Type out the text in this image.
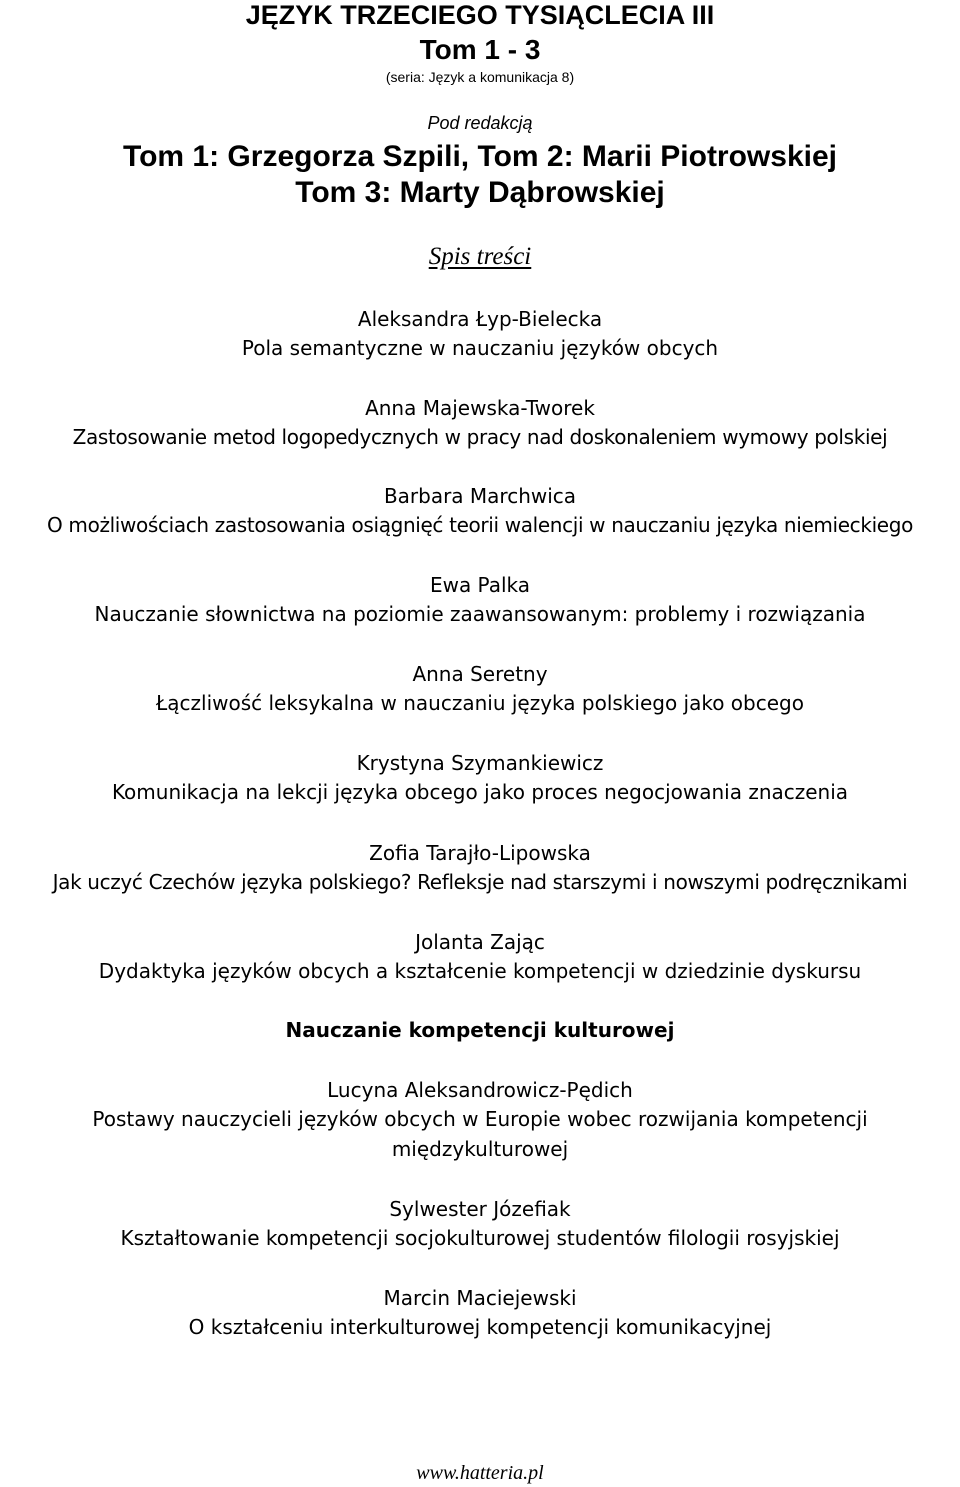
JĘZYK TRZECIEGO TYSIĄCLECIA III
Tom 1 - 3
(seria: Język a komunikacja 8)
Pod redakcją
Tom 1: Grzegorza Szpili, Tom 2: Marii Piotrowskiej
Tom 3: Marty Dąbrowskiej
Spis treści
Aleksandra Łyp-Bielecka
Pola semantyczne w nauczaniu języków obcych
Anna Majewska-Tworek
Zastosowanie metod logopedycznych w pracy nad doskonaleniem wymowy polskiej
Barbara Marchwica
O możliwościach zastosowania osiągnięć teorii walencji w nauczaniu języka niemieckiego
Ewa Palka
Nauczanie słownictwa na poziomie zaawansowanym: problemy i rozwiązania
Anna Seretny
Łączliwość leksykalna w nauczaniu języka polskiego jako obcego
Krystyna Szymankiewicz
Komunikacja na lekcji języka obcego jako proces negocjowania znaczenia
Zofia Tarajło-Lipowska
Jak uczyć Czechów języka polskiego? Refleksje nad starszymi i nowszymi podręcznikami
Jolanta Zając
Dydaktyka języków obcych a kształcenie kompetencji w dziedzinie dyskursu
Nauczanie kompetencji kulturowej
Lucyna Aleksandrowicz-Pędich
Postawy nauczycieli języków obcych w Europie wobec rozwijania kompetencji
międzykulturowej
Sylwester Józefiak
Kształtowanie kompetencji socjokulturowej studentów filologii rosyjskiej
Marcin Maciejewski
O kształceniu interkulturowej kompetencji komunikacyjnej
www.hatteria.pl
